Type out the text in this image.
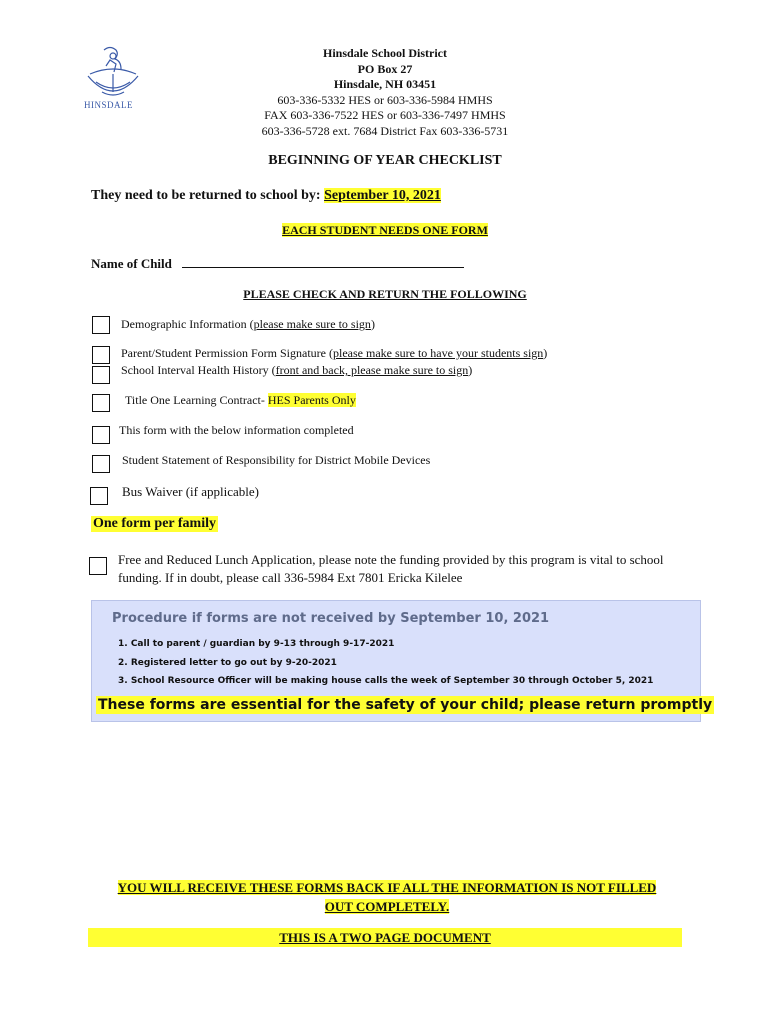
HINSDALE
Hinsdale School District
PO Box 27
Hinsdale, NH 03451
603-336-5332 HES or 603-336-5984 HMHS
FAX 603-336-7522 HES or 603-336-7497 HMHS
603-336-5728 ext. 7684 District Fax 603-336-5731
BEGINNING OF YEAR CHECKLIST
They need to be returned to school by: September 10, 2021
EACH STUDENT NEEDS ONE FORM
Name of Child
PLEASE CHECK AND RETURN THE FOLLOWING
Demographic Information (please make sure to sign)
Parent/Student Permission Form Signature (please make sure to have your students sign)
School Interval Health History (front and back, please make sure to sign)
Title One Learning Contract- HES Parents Only
This form with the below information completed
Student Statement of Responsibility for District Mobile Devices
Bus Waiver (if applicable)
One form per family
Free and Reduced Lunch Application, please note the funding provided by this program is vital to school funding. If in doubt, please call 336-5984 Ext 7801 Ericka Kilelee
Procedure if forms are not received by September 10, 2021
1. Call to parent / guardian by 9-13 through 9-17-2021
2. Registered letter to go out by 9-20-2021
3. School Resource Officer will be making house calls the week of September 30 through October 5, 2021
These forms are essential for the safety of your child; please return promptly
YOU WILL RECEIVE THESE FORMS BACK IF ALL THE INFORMATION IS NOT FILLED
OUT COMPLETELY.
THIS IS A TWO PAGE DOCUMENT
